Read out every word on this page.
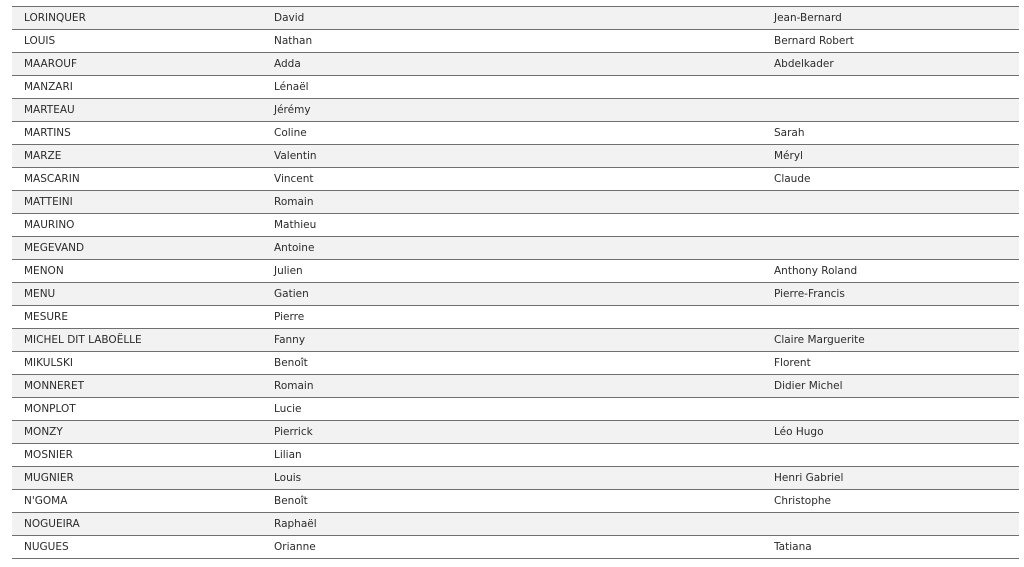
LORINQUER	David	Jean-Bernard
LOUIS	Nathan	Bernard Robert
MAAROUF	Adda	Abdelkader
MANZARI	Lénaël
MARTEAU	Jérémy
MARTINS	Coline	Sarah
MARZE	Valentin	Méryl
MASCARIN	Vincent	Claude
MATTEINI	Romain
MAURINO	Mathieu
MEGEVAND	Antoine
MENON	Julien	Anthony Roland
MENU	Gatien	Pierre-Francis
MESURE	Pierre
MICHEL DIT LABOËLLE	Fanny	Claire Marguerite
MIKULSKI	Benoît	Florent
MONNERET	Romain	Didier Michel
MONPLOT	Lucie
MONZY	Pierrick	Léo Hugo
MOSNIER	Lilian
MUGNIER	Louis	Henri Gabriel
N'GOMA	Benoît	Christophe
NOGUEIRA	Raphaël
NUGUES	Orianne	Tatiana
